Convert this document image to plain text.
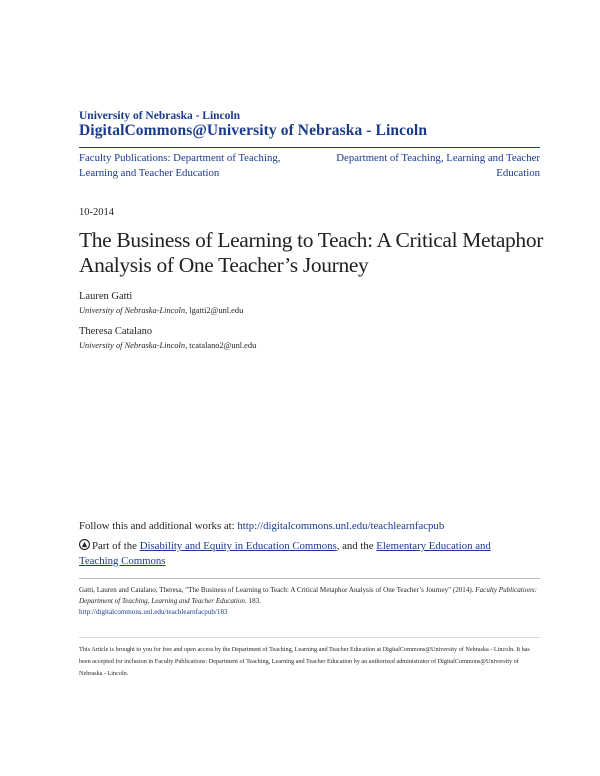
University of Nebraska - Lincoln
DigitalCommons@University of Nebraska - Lincoln
Faculty Publications: Department of Teaching, Learning and Teacher Education
Department of Teaching, Learning and Teacher Education
10-2014
The Business of Learning to Teach: A Critical Metaphor Analysis of One Teacher’s Journey
Lauren Gatti
University of Nebraska-Lincoln, lgatti2@unl.edu
Theresa Catalano
University of Nebraska-Lincoln, tcatalano2@unl.edu
Follow this and additional works at: http://digitalcommons.unl.edu/teachlearnfacpub
Part of the Disability and Equity in Education Commons, and the Elementary Education and Teaching Commons
Gatti, Lauren and Catalano, Theresa, "The Business of Learning to Teach: A Critical Metaphor Analysis of One Teacher’s Journey" (2014). Faculty Publications: Department of Teaching, Learning and Teacher Education. 183.
http://digitalcommons.unl.edu/teachlearnfacpub/183
This Article is brought to you for free and open access by the Department of Teaching, Learning and Teacher Education at DigitalCommons@University of Nebraska - Lincoln. It has been accepted for inclusion in Faculty Publications: Department of Teaching, Learning and Teacher Education by an authorized administrator of DigitalCommons@University of Nebraska - Lincoln.
